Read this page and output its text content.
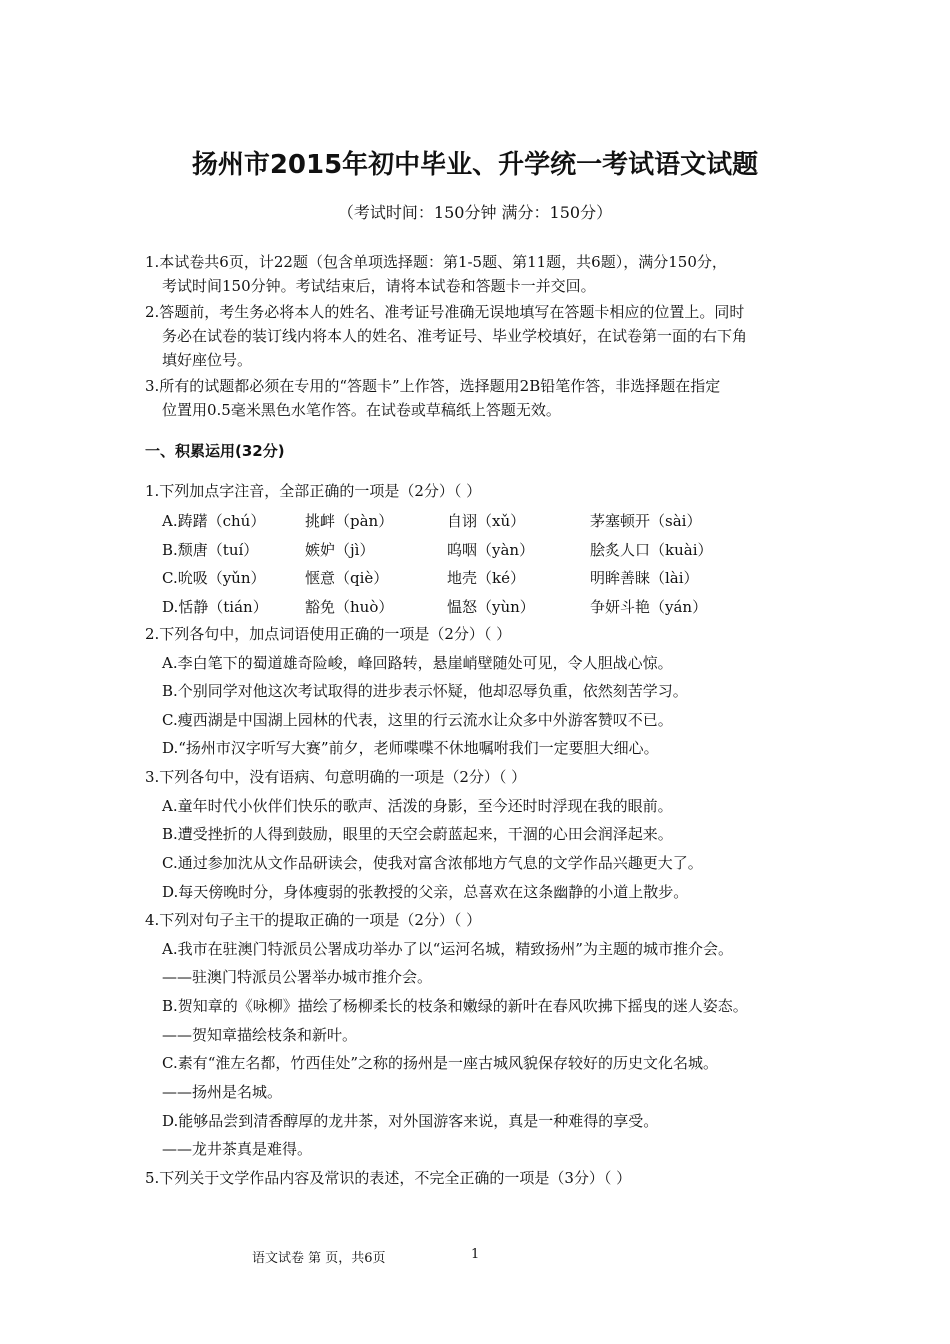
扬州市2015年初中毕业、升学统一考试语文试题
（考试时间：150分钟 满分：150分）
1.本试卷共6页，计22题（包含单项选择题：第1-5题、第11题，共6题），满分150分，
考试时间150分钟。考试结束后，请将本试卷和答题卡一并交回。
2.答题前，考生务必将本人的姓名、准考证号准确无误地填写在答题卡相应的位置上。同时
务必在试卷的装订线内将本人的姓名、准考证号、毕业学校填好，在试卷第一面的右下角
填好座位号。
3.所有的试题都必须在专用的“答题卡”上作答，选择题用2B铅笔作答，非选择题在指定
位置用0.5毫米黑色水笔作答。在试卷或草稿纸上答题无效。
一、积累运用(32分)
1.下列加点字注音，全部正确的一项是（2分）（ ）
A.踌躇（chú）	挑衅（pàn）	自诩（xǔ）	茅塞顿开（sài）
B.颓唐（tuí）	嫉妒（jì）	呜咽（yàn）	脍炙人口（kuài）
C.吮吸（yǔn）	惬意（qiè）	地壳（ké）	明眸善睐（lài）
D.恬静（tián） 豁免（huò）	愠怒（yùn）	争妍斗艳（yán）
2.下列各句中，加点词语使用正确的一项是（2分）（ ）
A.李白笔下的蜀道雄奇险峻，峰回路转，悬崖峭壁随处可见，令人胆战心惊。
B.个别同学对他这次考试取得的进步表示怀疑，他却忍辱负重，依然刻苦学习。
C.瘦西湖是中国湖上园林的代表，这里的行云流水让众多中外游客赞叹不已。
D.“扬州市汉字听写大赛”前夕，老师喋喋不休地嘱咐我们一定要胆大细心。
3.下列各句中，没有语病、句意明确的一项是（2分）（ ）
A.童年时代小伙伴们快乐的歌声、活泼的身影，至今还时时浮现在我的眼前。
B.遭受挫折的人得到鼓励，眼里的天空会蔚蓝起来，干涸的心田会润泽起来。
C.通过参加沈从文作品研读会，使我对富含浓郁地方气息的文学作品兴趣更大了。
D.每天傍晚时分，身体瘦弱的张教授的父亲，总喜欢在这条幽静的小道上散步。
4.下列对句子主干的提取正确的一项是（2分）（ ）
A.我市在驻澳门特派员公署成功举办了以“运河名城，精致扬州”为主题的城市推介会。
——驻澳门特派员公署举办城市推介会。
B.贺知章的《咏柳》描绘了杨柳柔长的枝条和嫩绿的新叶在春风吹拂下摇曳的迷人姿态。
——贺知章描绘枝条和新叶。
C.素有“淮左名都，竹西佳处”之称的扬州是一座古城风貌保存较好的历史文化名城。
——扬州是名城。
D.能够品尝到清香醇厚的龙井茶，对外国游客来说，真是一种难得的享受。
——龙井茶真是难得。
5.下列关于文学作品内容及常识的表述，不完全正确的一项是（3分）（ ）
语文试卷 第 页，共6页	1
